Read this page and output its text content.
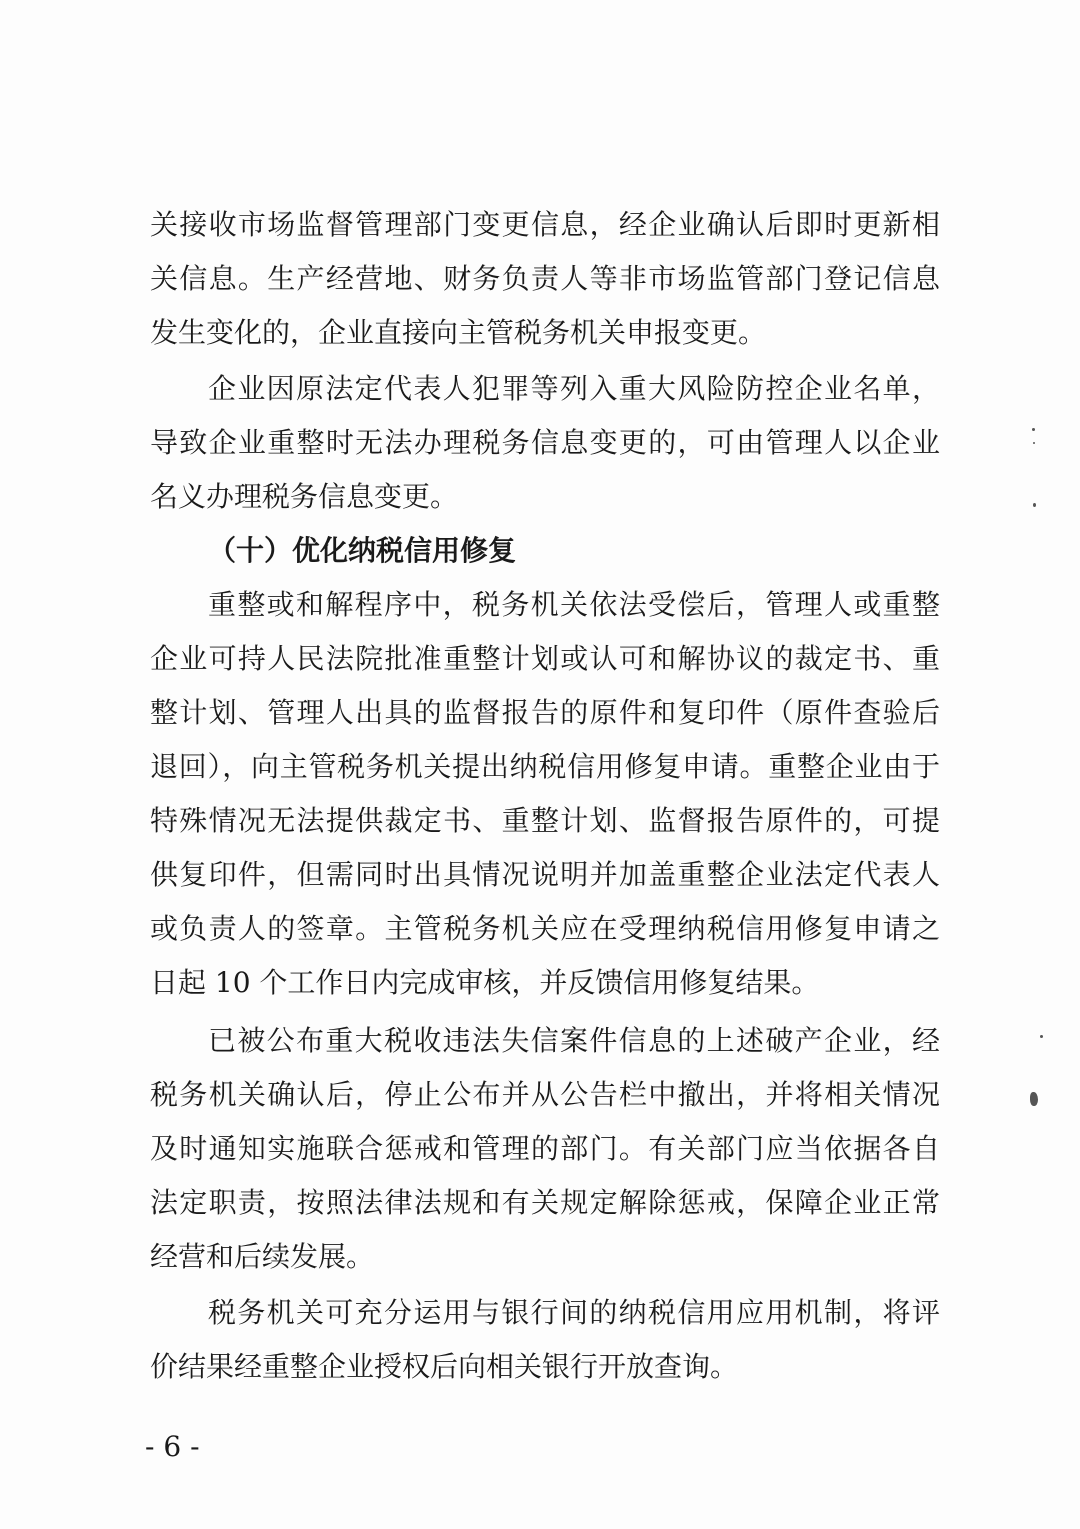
关接收市场监督管理部门变更信息，经企业确认后即时更新相
关信息。生产经营地、财务负责人等非市场监管部门登记信息
发生变化的，企业直接向主管税务机关申报变更。
企业因原法定代表人犯罪等列入重大风险防控企业名单，
导致企业重整时无法办理税务信息变更的，可由管理人以企业
名义办理税务信息变更。
（十）优化纳税信用修复
重整或和解程序中，税务机关依法受偿后，管理人或重整
企业可持人民法院批准重整计划或认可和解协议的裁定书、重
整计划、管理人出具的监督报告的原件和复印件（原件查验后
退回），向主管税务机关提出纳税信用修复申请。重整企业由于
特殊情况无法提供裁定书、重整计划、监督报告原件的，可提
供复印件，但需同时出具情况说明并加盖重整企业法定代表人
或负责人的签章。主管税务机关应在受理纳税信用修复申请之
日起 10 个工作日内完成审核，并反馈信用修复结果。
已被公布重大税收违法失信案件信息的上述破产企业，经
税务机关确认后，停止公布并从公告栏中撤出，并将相关情况
及时通知实施联合惩戒和管理的部门。有关部门应当依据各自
法定职责，按照法律法规和有关规定解除惩戒，保障企业正常
经营和后续发展。
税务机关可充分运用与银行间的纳税信用应用机制，将评
价结果经重整企业授权后向相关银行开放查询。
- 6 -
